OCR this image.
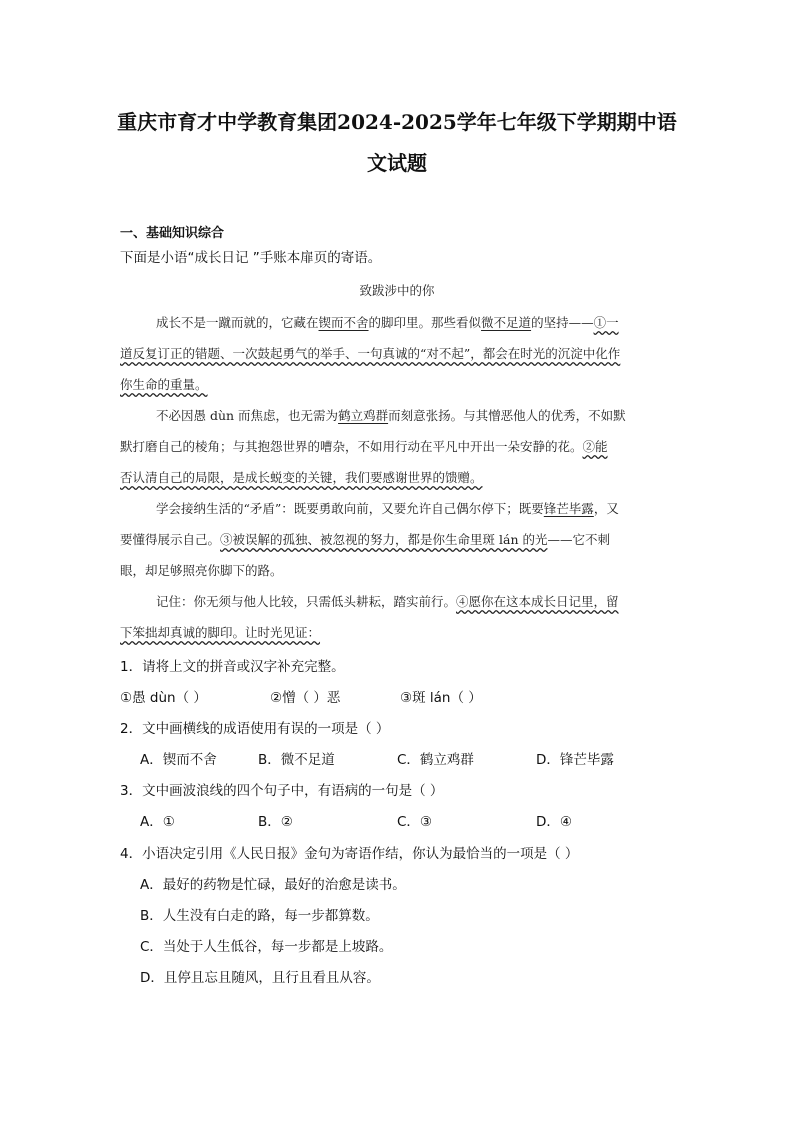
重庆市育才中学教育集团2024-2025学年七年级下学期期中语
文试题
一、基础知识综合
下面是小语“成长日记 ”手账本扉页的寄语。
致跋涉中的你
成长不是一蹴而就的，它藏在锲而不舍的脚印里。那些看似微不足道的坚持——①一
道反复订正的错题、一次鼓起勇气的举手、一句真诚的“对不起”，都会在时光的沉淀中化作
你生命的重量。
不必因愚 dùn 而焦虑，也无需为鹤立鸡群而刻意张扬。与其憎恶他人的优秀，不如默
默打磨自己的棱角；与其抱怨世界的嘈杂，不如用行动在平凡中开出一朵安静的花。②能
否认清自己的局限，是成长蜕变的关键，我们要感谢世界的馈赠。
学会接纳生活的“矛盾”：既要勇敢向前，又要允许自己偶尔停下；既要锋芒毕露，又
要懂得展示自己。③被误解的孤独、被忽视的努力，都是你生命里斑 lán 的光——它不刺
眼，却足够照亮你脚下的路。
记住：你无须与他人比较，只需低头耕耘，踏实前行。④愿你在这本成长日记里，留
下笨拙却真诚的脚印。让时光见证：
1．请将上文的拼音或汉字补充完整。
①愚 dùn（ ）	②憎（ ）恶	③斑 lán（ ）
2．文中画横线的成语使用有误的一项是（ ）
A．锲而不舍	B．微不足道	C．鹤立鸡群	D．锋芒毕露
3．文中画波浪线的四个句子中，有语病的一句是（ ）
A．①	B．②	C．③	D．④
4．小语决定引用《人民日报》金句为寄语作结，你认为最恰当的一项是（ ）
A．最好的药物是忙碌，最好的治愈是读书。
B．人生没有白走的路，每一步都算数。
C．当处于人生低谷，每一步都是上坡路。
D．且停且忘且随风，且行且看且从容。
